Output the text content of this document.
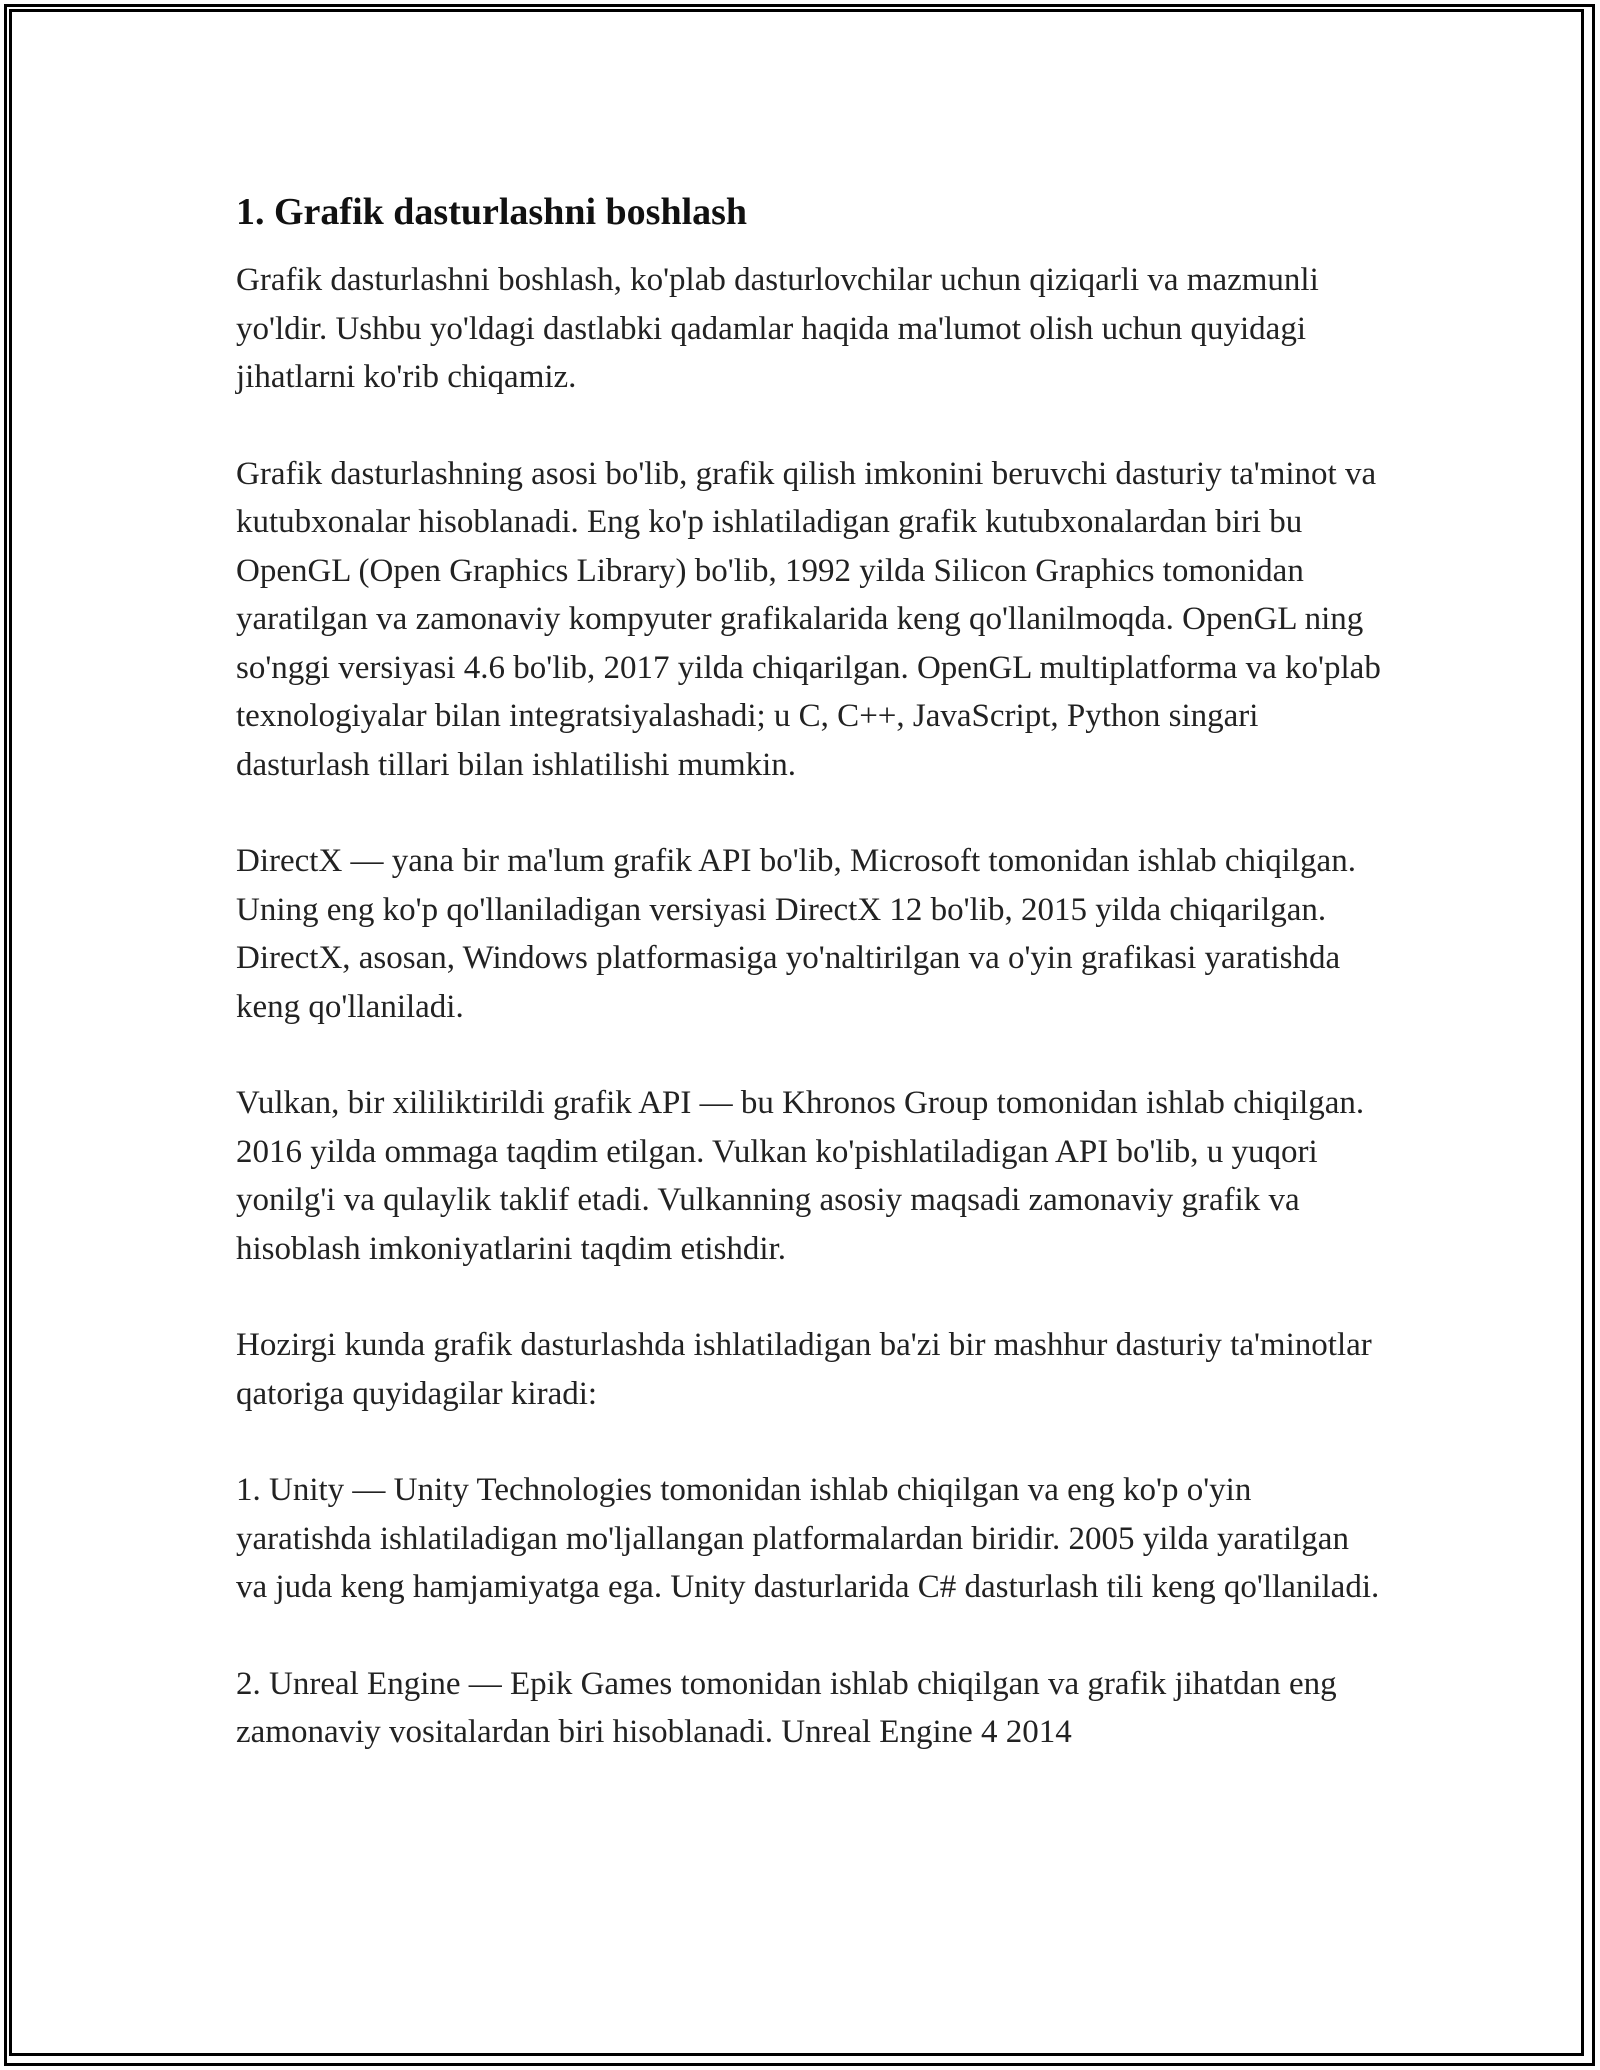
1. Grafik dasturlashni boshlash

Grafik dasturlashni boshlash, ko'plab dasturlovchilar uchun qiziqarli va mazmunli yo'ldir. Ushbu yo'ldagi dastlabki qadamlar haqida ma'lumot olish uchun quyidagi jihatlarni ko'rib chiqamiz.

Grafik dasturlashning asosi bo'lib, grafik qilish imkonini beruvchi dasturiy ta'minot va kutubxonalar hisoblanadi. Eng ko'p ishlatiladigan grafik kutubxonalardan biri bu OpenGL (Open Graphics Library) bo'lib, 1992 yilda Silicon Graphics tomonidan yaratilgan va zamonaviy kompyuter grafikalarida keng qo'llanilmoqda. OpenGL ning so'nggi versiyasi 4.6 bo'lib, 2017 yilda chiqarilgan. OpenGL multiplatforma va ko'plab texnologiyalar bilan integratsiyalashadi; u C, C++, JavaScript, Python singari dasturlash tillari bilan ishlatilishi mumkin.

DirectX — yana bir ma'lum grafik API bo'lib, Microsoft tomonidan ishlab chiqilgan. Uning eng ko'p qo'llaniladigan versiyasi DirectX 12 bo'lib, 2015 yilda chiqarilgan. DirectX, asosan, Windows platformasiga yo'naltirilgan va o'yin grafikasi yaratishda keng qo'llaniladi.

Vulkan, bir xililiktirildi grafik API — bu Khronos Group tomonidan ishlab chiqilgan. 2016 yilda ommaga taqdim etilgan. Vulkan ko'pishlatiladigan API bo'lib, u yuqori yonilg'i va qulaylik taklif etadi. Vulkanning asosiy maqsadi zamonaviy grafik va hisoblash imkoniyatlarini taqdim etishdir.

Hozirgi kunda grafik dasturlashda ishlatiladigan ba'zi bir mashhur dasturiy ta'minotlar qatoriga quyidagilar kiradi:

1. Unity — Unity Technologies tomonidan ishlab chiqilgan va eng ko'p o'yin yaratishda ishlatiladigan mo'ljallangan platformalardan biridir. 2005 yilda yaratilgan va juda keng hamjamiyatga ega. Unity dasturlarida C# dasturlash tili keng qo'llaniladi.

2. Unreal Engine — Epik Games tomonidan ishlab chiqilgan va grafik jihatdan eng zamonaviy vositalardan biri hisoblanadi. Unreal Engine 4 2014
